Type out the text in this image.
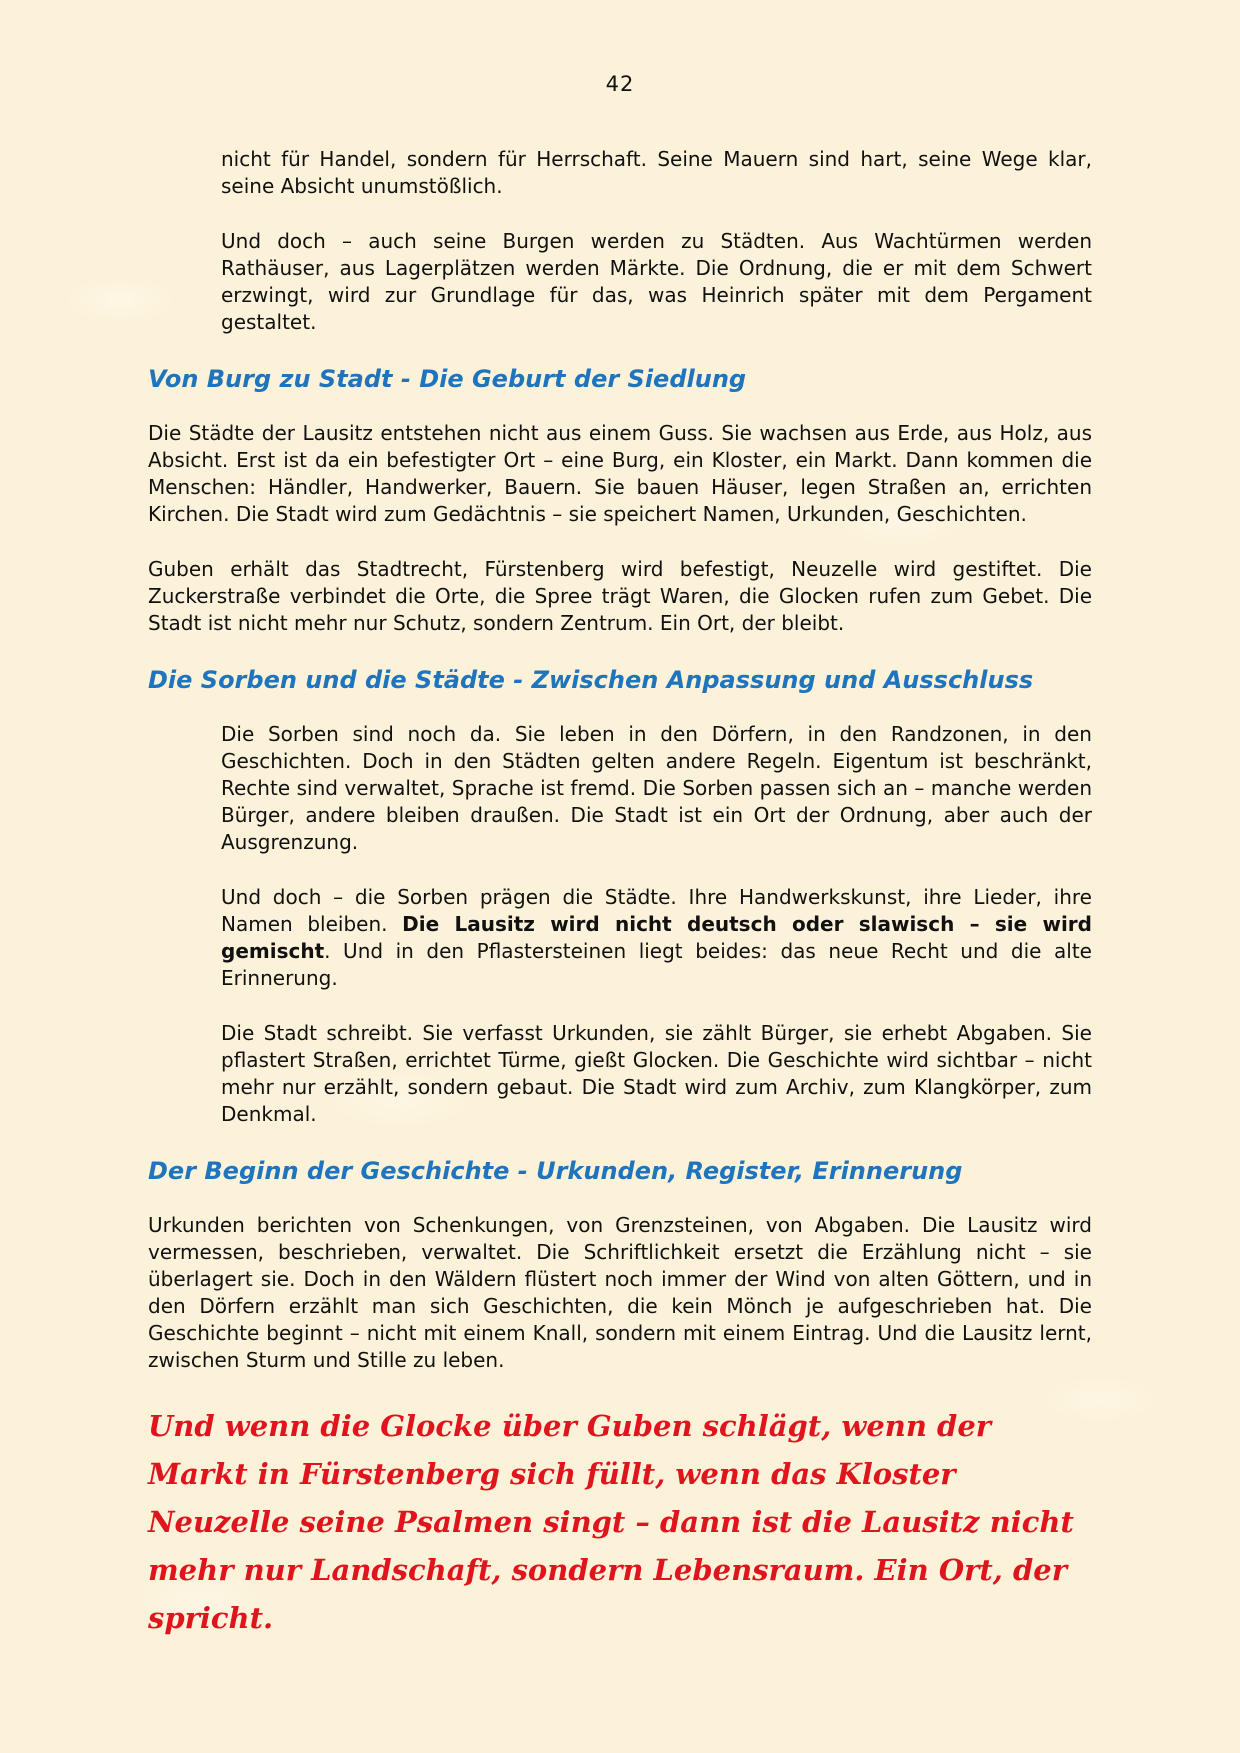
42

nicht für Handel, sondern für Herrschaft. Seine Mauern sind hart, seine Wege klar, seine Absicht unumstößlich.

Und doch – auch seine Burgen werden zu Städten. Aus Wachtürmen werden Rathäuser, aus Lagerplätzen werden Märkte. Die Ordnung, die er mit dem Schwert erzwingt, wird zur Grundlage für das, was Heinrich später mit dem Pergament gestaltet.

Von Burg zu Stadt - Die Geburt der Siedlung

Die Städte der Lausitz entstehen nicht aus einem Guss. Sie wachsen aus Erde, aus Holz, aus Absicht. Erst ist da ein befestigter Ort – eine Burg, ein Kloster, ein Markt. Dann kommen die Menschen: Händler, Handwerker, Bauern. Sie bauen Häuser, legen Straßen an, errichten Kirchen. Die Stadt wird zum Gedächtnis – sie speichert Namen, Urkunden, Geschichten.

Guben erhält das Stadtrecht, Fürstenberg wird befestigt, Neuzelle wird gestiftet. Die Zuckerstraße verbindet die Orte, die Spree trägt Waren, die Glocken rufen zum Gebet. Die Stadt ist nicht mehr nur Schutz, sondern Zentrum. Ein Ort, der bleibt.

Die Sorben und die Städte - Zwischen Anpassung und Ausschluss

Die Sorben sind noch da. Sie leben in den Dörfern, in den Randzonen, in den Geschichten. Doch in den Städten gelten andere Regeln. Eigentum ist beschränkt, Rechte sind verwaltet, Sprache ist fremd. Die Sorben passen sich an – manche werden Bürger, andere bleiben draußen. Die Stadt ist ein Ort der Ordnung, aber auch der Ausgrenzung.

Und doch – die Sorben prägen die Städte. Ihre Handwerkskunst, ihre Lieder, ihre Namen bleiben. Die Lausitz wird nicht deutsch oder slawisch – sie wird gemischt. Und in den Pflastersteinen liegt beides: das neue Recht und die alte Erinnerung.

Die Stadt schreibt. Sie verfasst Urkunden, sie zählt Bürger, sie erhebt Abgaben. Sie pflastert Straßen, errichtet Türme, gießt Glocken. Die Geschichte wird sichtbar – nicht mehr nur erzählt, sondern gebaut. Die Stadt wird zum Archiv, zum Klangkörper, zum Denkmal.

Der Beginn der Geschichte - Urkunden, Register, Erinnerung

Urkunden berichten von Schenkungen, von Grenzsteinen, von Abgaben. Die Lausitz wird vermessen, beschrieben, verwaltet. Die Schriftlichkeit ersetzt die Erzählung nicht – sie überlagert sie. Doch in den Wäldern flüstert noch immer der Wind von alten Göttern, und in den Dörfern erzählt man sich Geschichten, die kein Mönch je aufgeschrieben hat. Die Geschichte beginnt – nicht mit einem Knall, sondern mit einem Eintrag. Und die Lausitz lernt, zwischen Sturm und Stille zu leben.

Und wenn die Glocke über Guben schlägt, wenn der Markt in Fürstenberg sich füllt, wenn das Kloster Neuzelle seine Psalmen singt – dann ist die Lausitz nicht mehr nur Landschaft, sondern Lebensraum. Ein Ort, der spricht.
